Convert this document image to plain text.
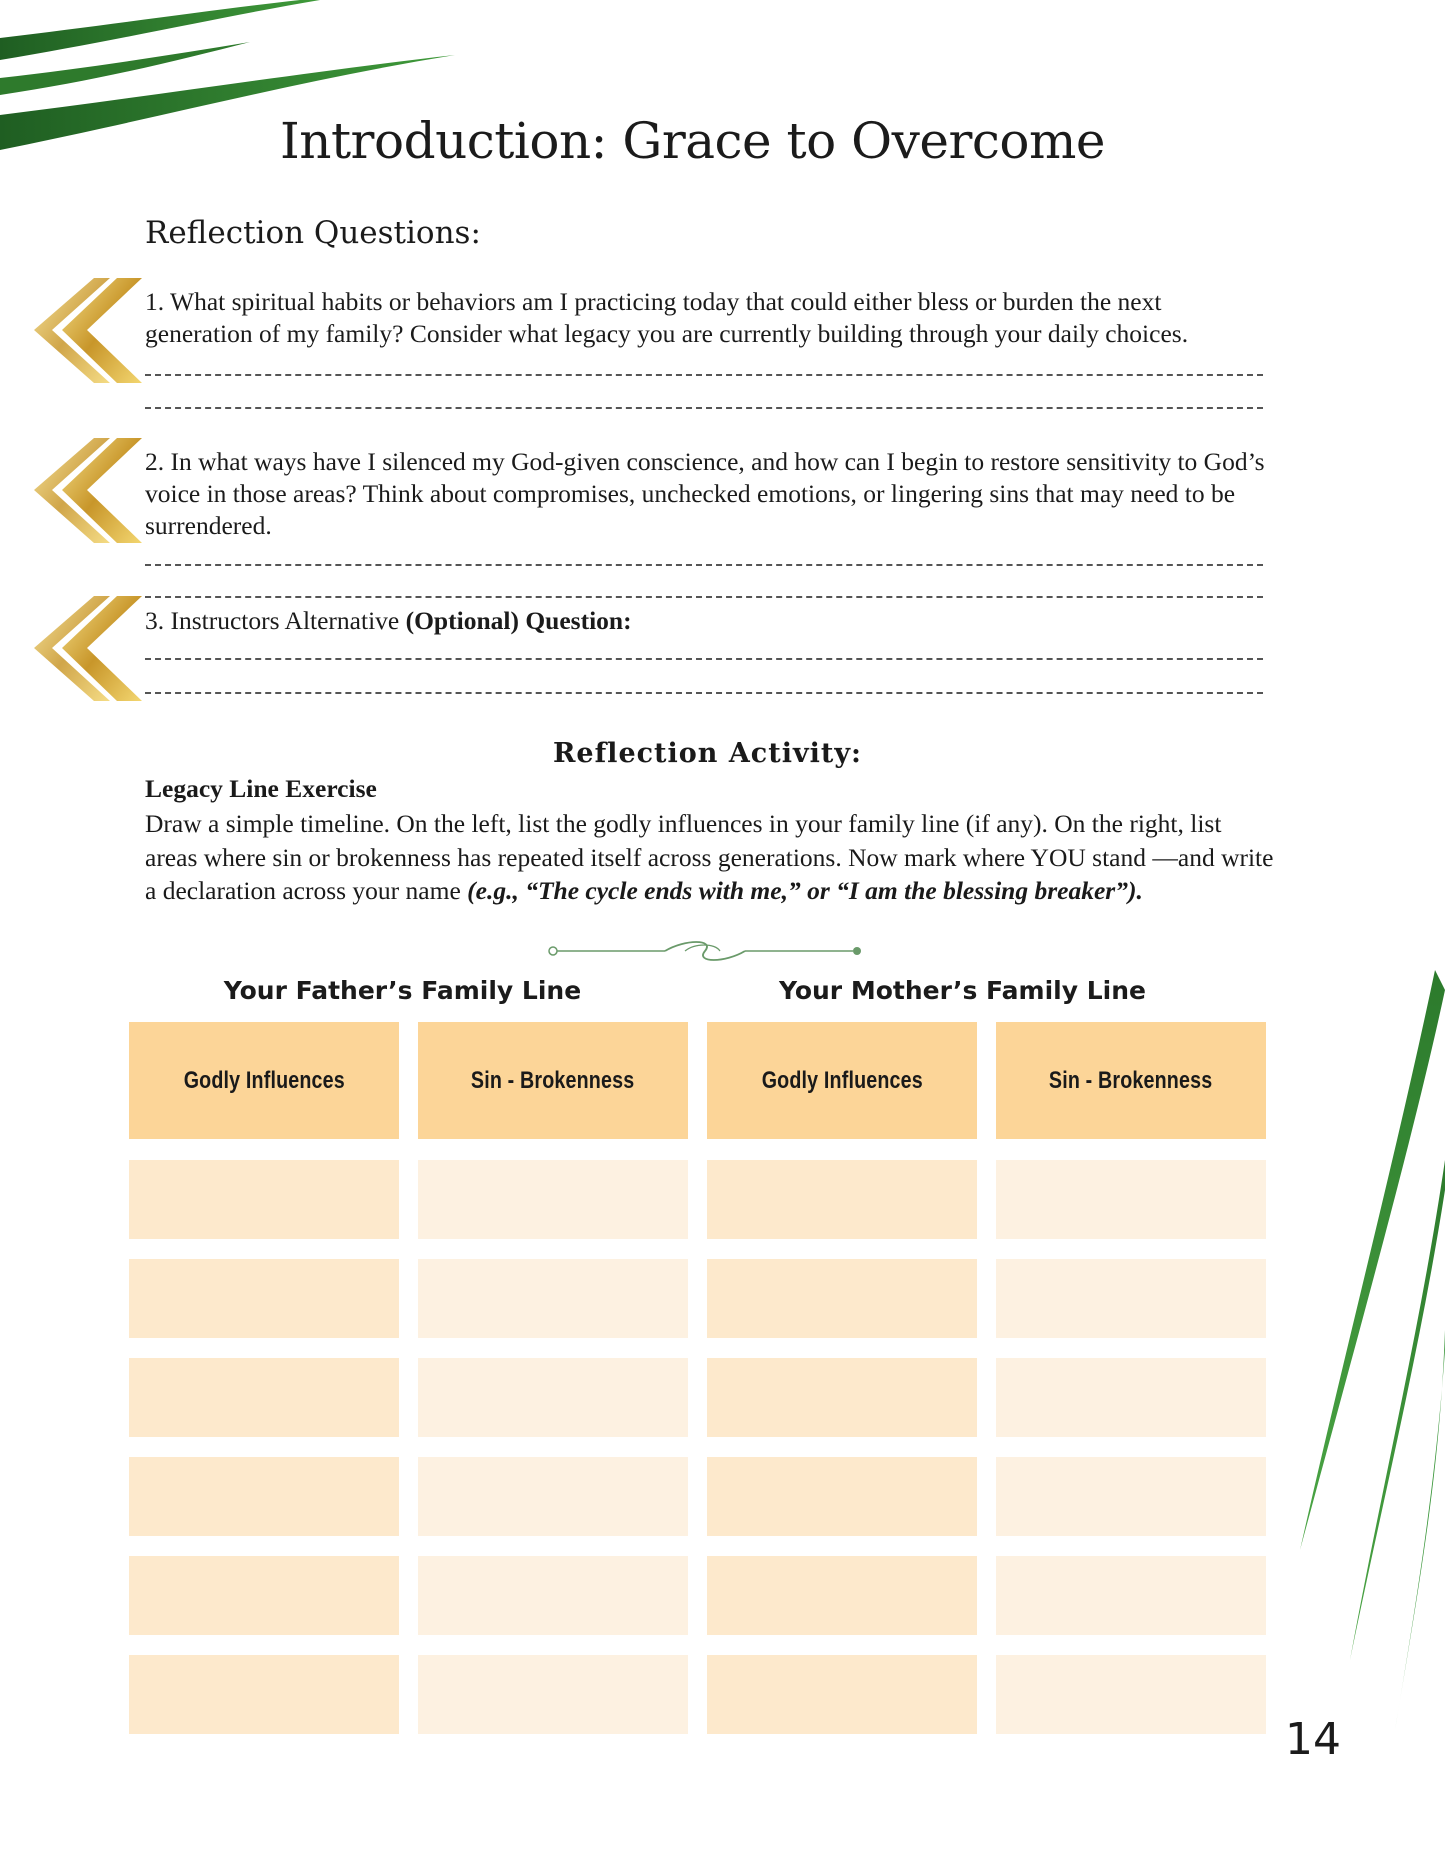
Introduction: Grace to Overcome
Reflection Questions:
1. What spiritual habits or behaviors am I practicing today that could either bless or burden the next generation of my family? Consider what legacy you are currently building through your daily choices.
2. In what ways have I silenced my God-given conscience, and how can I begin to restore sensitivity to God’s voice in those areas? Think about compromises, unchecked emotions, or lingering sins that may need to be surrendered.
3. Instructors Alternative (Optional) Question:
Reflection Activity:
Legacy Line Exercise
Draw a simple timeline. On the left, list the godly influences in your family line (if any). On the right, list areas where sin or brokenness has repeated itself across generations. Now mark where YOU stand —and write a declaration across your name (e.g., “The cycle ends with me,” or “I am the blessing breaker”).
Your Father’s Family Line	Your Mother’s Family Line
Godly Influences	Sin - Brokenness	Godly Influences	Sin - Brokenness
14
